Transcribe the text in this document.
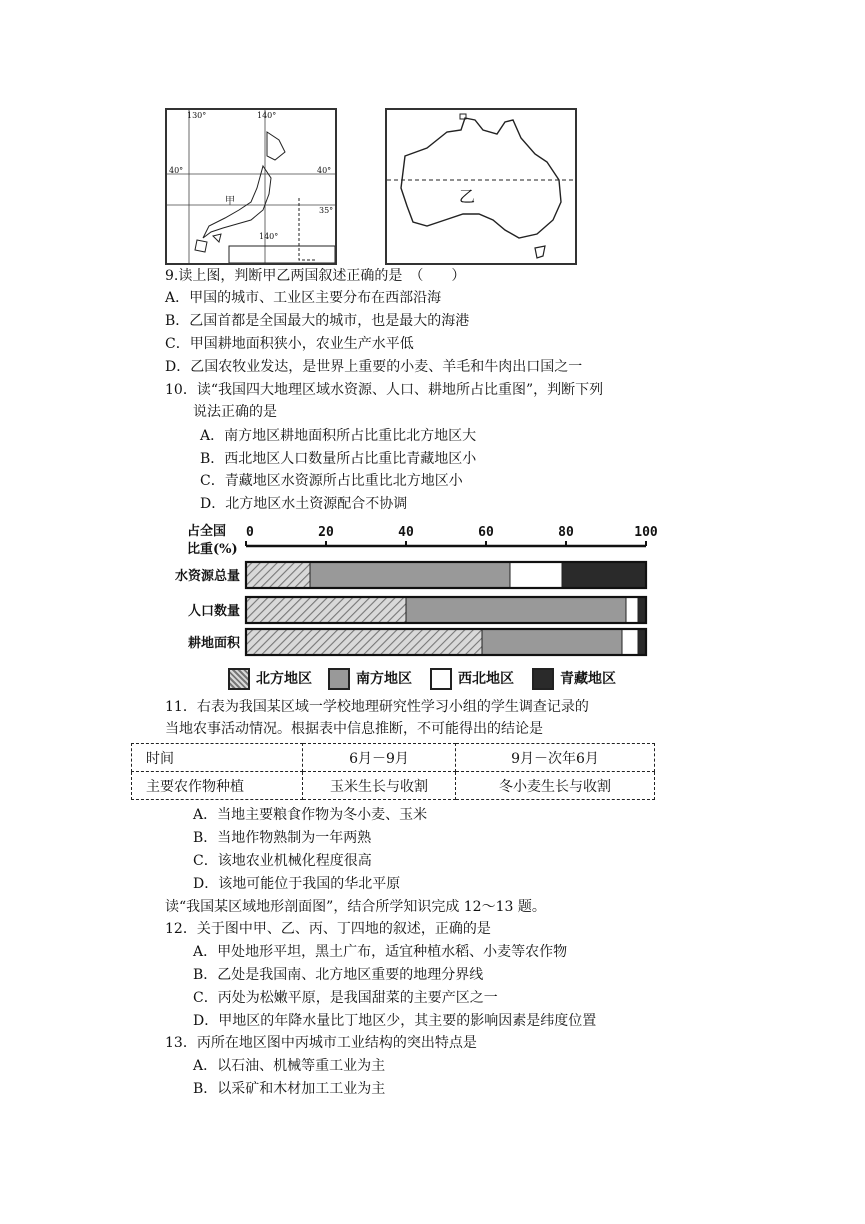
130°	140°
140°
40°	40°
35°
甲	乙
9.读上图，判断甲乙两国叙述正确的是　（　　）
A．甲国的城市、工业区主要分布在西部沿海
B．乙国首都是全国最大的城市，也是最大的海港
C．甲国耕地面积狭小，农业生产水平低
D．乙国农牧业发达，是世界上重要的小麦、羊毛和牛肉出口国之一
10．读“我国四大地理区域水资源、人口、耕地所占比重图”，判断下列
说法正确的是
A．南方地区耕地面积所占比重比北方地区大
B．西北地区人口数量所占比重比青藏地区小
C．青藏地区水资源所占比重比北方地区小
D．北方地区水土资源配合不协调
占全国
比重(%)
0	20	40	60	80	100
水资源总量
人口数量
耕地面积
北方地区	南方地区	西北地区	青藏地区
11．右表为我国某区域一学校地理研究性学习小组的学生调查记录的
当地农事活动情况。根据表中信息推断，不可能得出的结论是
时间	6月－9月	9月－次年6月
主要农作物种植	玉米生长与收割	冬小麦生长与收割
A．当地主要粮食作物为冬小麦、玉米
B．当地作物熟制为一年两熟
C．该地农业机械化程度很高
D．该地可能位于我国的华北平原
读“我国某区域地形剖面图”，结合所学知识完成 12～13 题。
12．关于图中甲、乙、丙、丁四地的叙述，正确的是
A．甲处地形平坦，黑土广布，适宜种植水稻、小麦等农作物
B．乙处是我国南、北方地区重要的地理分界线
C．丙处为松嫩平原，是我国甜菜的主要产区之一
D．甲地区的年降水量比丁地区少，其主要的影响因素是纬度位置
13．丙所在地区图中丙城市工业结构的突出特点是
A．以石油、机械等重工业为主
B．以采矿和木材加工工业为主
